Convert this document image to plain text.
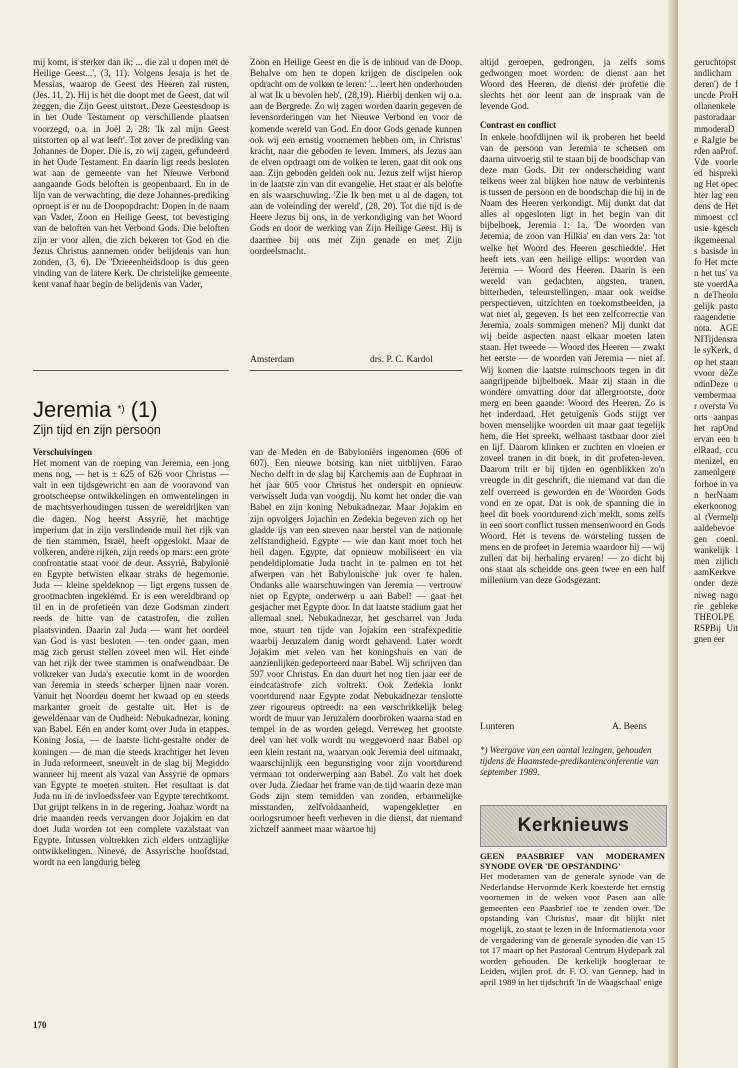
mij komt, is sterker dan ik; ... die zal u dopen met de Heilige Geest...', (3, 11). Volgens Jesaja is het de Messias, waarop de Geest des Heeren zal rusten, (Jes. 11, 2). Hij is het die doopt met de Geest, dat wil zeggen, die Zijn Geest uitstort. Deze Geestesdoop is in het Oude Testament op verschillende plaatsen voorzegd, o.a. in Joël 2, 28: 'Ik zal mijn Geest uitstorten op al wat leeft'. Tot zover de prediking van Johannes de Doper. Die is, zo wij zagen, gefundeerd in het Oude Testament. En daarin ligt reeds besloten wat aan de gemeente van het Nieuwe Verbond aangaande Gods beloften is geopenbaard. En in de lijn van de verwachting, die deze Johannes-prediking oproept is er nu de Doopopdracht: Dopen in de naam van Vader, Zoon en Heilige Geest, tot bevestiging van de beloften van het Verbond Gods. Die beloften zijn er voor allen, die zich bekeren tot God en die Jezus Christus aannemen onder belijdenis van hun zonden, (3, 6). De 'Drieeenheidsdoop is dus geen vinding van de latere Kerk. De christelijke gemeente kent vanaf haar begin de belijdenis van Vader,

Zoon en Heilige Geest en die is de inhoud van de Doop. Behalve om hen te dopen krijgen de discipelen ook opdracht om de volken te leren: '... leert hen onderhouden al wat Ik u bevolen heb', (28,19). Hierbij denken wij o.a. aan de Bergrede. Zo wij zagen worden daarin gegeven de levensorderingen van het Nieuwe Verbond en voor de komende wereld van God. En door Gods genade kunnen ook wij een ernstig voornemen hebben om, in Christus' kracht, naar die geboden te leven. Immers, als Jezus aan de elven opdraagt om de volken te leren, gaat dit ook ons aan. Zijn geboden gelden ook nu. Jezus zelf wijst hierop in de laatste zin van dit evangelie. Het staat er als belofte en als waarschuwing. 'Zie Ik ben met u al de dagen, tot aan de voleinding der wereld', (28, 20). Tot die tijd is de Heere Jezus bij ons, in de verkondiging van het Woord Gods en door de werking van Zijn Heilige Geest. Hij is daarmee bij ons met Zijn genade en met Zijn oordeelsmacht.

Amsterdam	drs. P. C. Kardol
Jeremia *) (1)
Zijn tijd en zijn persoon

Verschuivingen

Het moment van de roeping van Jeremia, een jong mens nog, — het is ± 625 of 626 voor Christus — valt in een tijdsgewricht en aan de vooravond van grootscheepse ontwikkelingen en omwentelingen in de machtsverhoudingen tussen de wereldrijken van die dagen. Nog heerst Assyrië, het machtige imperium dat in zijn verslindende muil het rijk van de tien stammen, Israël, heeft opgeslokt. Maar de volkeren, andere rijken, zijn reeds op mars: een grote confrontatie staat voor de deur. Assyrië, Babylonië en Egypte betwisten elkaar straks de hegemonie. Juda — kleine speldeknop — ligt ergens tussen de grootmachten ingeklemd. Er is een wereldbrand op til en in de profetieën van deze Godsman zindert reeds de hitte van de catastrofen, die zullen plaatsvinden. Daarin zal Juda — want het oordeel van God is vast besloten — ten onder gaan, men mag zich gerust stellen zoveel men wil. Het einde van het rijk der twee stammen is onafwendbaar. De volkreker van Juda's executie komt in de woorden van Jeremia in steeds scherper lijnen naar voren. Vanuit het Noorden doemt het kwaad op en steeds markanter groeit de gestalte uit. Het is de geweldenaar van de Oudheid: Nebukadnezar, koning van Babel. Eén en ander komt over Juda in etappes. Koning Josia, — de laatste licht-gestalte onder de koningen — de man die steeds krachtiger het leven in Juda reformeert, sneuvelt in de slag bij Megiddo wanneer hij meent als vazal van Assyrië de opmars van Egypte te moeten stuiten. Het resultaat is dat Juda nu in de invloedssfeer van Egypte terechtkomt. Dat grijpt telkens in in de regering. Joahaz wordt na drie maanden reeds vervangen door Jojakim en dat doet Juda worden tot een complete vazalstaat van Egypte. Intussen voltrekken zich elders ontzaglijke ontwikkelingen. Ninevé, de Assyrische hoofdstad, wordt na een langdurig beleg

van de Meden en de Babyloniërs ingenomen (606 of 607). Een nieuwe botsing kan niet uitblijven. Farao Necho delft in de slag bij Karchemis aan de Euphraat in het jaar 605 voor Christus het onderspit en opnieuw verwisselt Juda van voogdij. Nu komt het onder die van Babel en zijn koning Nebukadnezar. Maar Jojakim en zijn opvolgers Jojachin en Zedekia begeven zich op het gladde ijs van een streven naar herstel van de nationale zelfstandigheid. Egypte — wie dan kant moet toch het heil dagen. Egypte, dat opnieuw mobiliseert en via pendeldiplomatie Juda tracht in te palmen en tot het afwerpen van het Babylonische juk over te halen. Ondanks alle waarschuwingen van Jeremia — vertrouw niet op Egypte, onderwerp u aan Babel! — gaat het gesjacher met Egypte door. In dat laatste stadium gaat het allemaal snel. Nebukadnezar, het gescharrel van Juda moe, stuurt ten tijde van Jojakim een strafexpeditie waarbij Jeruzalem danig wordt gehavend. Later wordt Jojakim met velen van het koningshuis en van de aanzienlijken gedeporteerd naar Babel. Wij schrijven dan 597 voor Christus. En dan duurt het nog tien jaar eer de eindcatastrofe zich voltrekt. Ook Zedekia lonkt voortdurend naar Egypte zodat Nebukadnezar tenslotte zeer rigoureus optreedt: na een verschrikkelijk beleg wordt de muur van Jeruzalem doorbroken waarna stad en tempel in de as worden gelegd. Verreweg het grootste deel van het volk wordt nu weggevoerd naar Babel op een klein restant na, waarvan ook Jeremia deel uitmaakt, waarschijnlijk een begunstiging voor zijn voortdurend vermaan tot onderwerping aan Babel. Zo valt het doek over Juda. Ziedaar het frame van de tijd waarin deze man Gods zijn stem temidden van zonden, erbarmelijke misstanden, zelfvoldaanheid, wapengekletter en oorlogsrumoer heeft verheven in die dienst, dat niemand zichzelf aanmeet maar waartoe hij

altijd geroepen, gedrongen, ja zelfs soms gedwongen moet worden: de dienst aan het Woord des Heeren, de dienst der profetie die slechts het oor leent aan de inspraak van de levende God.

Contrast en conflict

In enkele hoofdlijnen wil ik proberen het beeld van de persoon van Jeremia te schetsen om daarna uitvoerig stil te staan bij de boodschap van deze man Gods. Dit ter onderscheiding want telkens weer zal blijken hoe nauw de verbintenis is tussen de persoon en de boodschap die hij in de Naam des Heeren verkondigt. Mij dunkt dat dat alles al opgesloten ligt in het begin van dit bijbelboek, Jeremia 1: 1a. 'De woorden van Jeremia, de zoon van Hilkia' en dan vers 2a: 'tot welke het Woord des Heeren geschiedde'. Het heeft iets van een heilige ellips: woorden van Jeremia — Woord des Heeren. Daarin is een wereld van gedachten, angsten, tranen, bitterheden, teleurstellingen, maar ook weidse perspectieven, uitzichten en toekomstbeelden, ja wat niet al, gegeven. Is het een zelfcorrectie van Jeremia, zoals sommigen menen? Mij dunkt dat wij beide aspecten naast elkaar moeten laten staan. Het tweede — Woord des Heeren — zwakt het eerste — de woorden van Jeremia — niet af. Wij komen die laatste ruimschoots tegen in dit aangrijpende bijbelboek. Maar zij staan in die wondere omvatting door dat allergrootste, door merg en been gaande: Woord des Heeren. Zo is het inderdaad. Het getuigenis Gods stijgt ver boven menselijke woorden uit maar gaat tegelijk hem, die Het spreekt, welhaast tastbaar door ziel en lijf. Daarom klinken er zuchten en vloeien er zoveel tranen in dit boek, in dit profeten-leven. Daarom trilt er bij tijden en ogenblikken zo'n vreugde in dit geschrift, die niemand vat dan die zelf overreed is geworden en de Woorden Gods vond en ze opat. Dat is ook de spanning die in heel dit boek voortdurend zich meldt, soms zelfs in een soort conflict tussen mensenwoord en Gods Woord. Het is tevens de worsteling tussen de mens en de profeet in Jeremia waardoor hij — wij zullen dat bij herhaling ervaren! — zo dicht bij ons staat als scheidde ons geen twee en een half millenium van deze Godsgezant.

Lunteren	A. Beens
*) Weergave van een aantal lezingen, gehouden tijdens de Haamstede-predikantenconferentie van september 1989.
Kerknieuws

GEEN PAASBRIEF VAN MODERAMEN SYNODE OVER 'DE OPSTANDING'

Het moderamen van de generale synode van de Nederlandse Hervormde Kerk koesterde het ernstig voornemen in de weken voor Pasen aan alle gemeenten een Paasbrief toe te zenden over 'De opstanding van Christus', maar dit blijkt niet mogelijk, zo staat te lezen in de Informatienota voor de vergadering van de generale synoden die van 15 tot 17 maart op het Pastoraal Centrum Hydepark zal worden gehouden. De kerkelijk hoogleraar te Leiden, wijlen prof. dr. F. O. van Gennep, had in april 1989 in het tijdschrift 'In de Waagschaal' enige

geruchtopstandlicham deren') de funcde ProHollanenkele pastoradaarmmoderaDe RaJgie berden aaProf. Vde voorleed hispreking Het opechter lag een dens de Het mmoest cclusie kgeschikgemeenals basisde info Het mcten het tus' vaste voerdAan deTheologelijk pastoraagendetienota. AGENITijdensrale syKerk, dop het staan vvoor deZendinDeze ovembermaar oversta Voorts aanpashet rapOndervan een belRaad, ccumenizel, en zamenlgereforhoe in van herNaam ekerkoonogal tVermelpaaldebevoegen coenl. wankelijk lmen zijlichaamKerkveonder deze niweg nagorie gebleke THEOLPERSPBij Uitgnen eer

170
